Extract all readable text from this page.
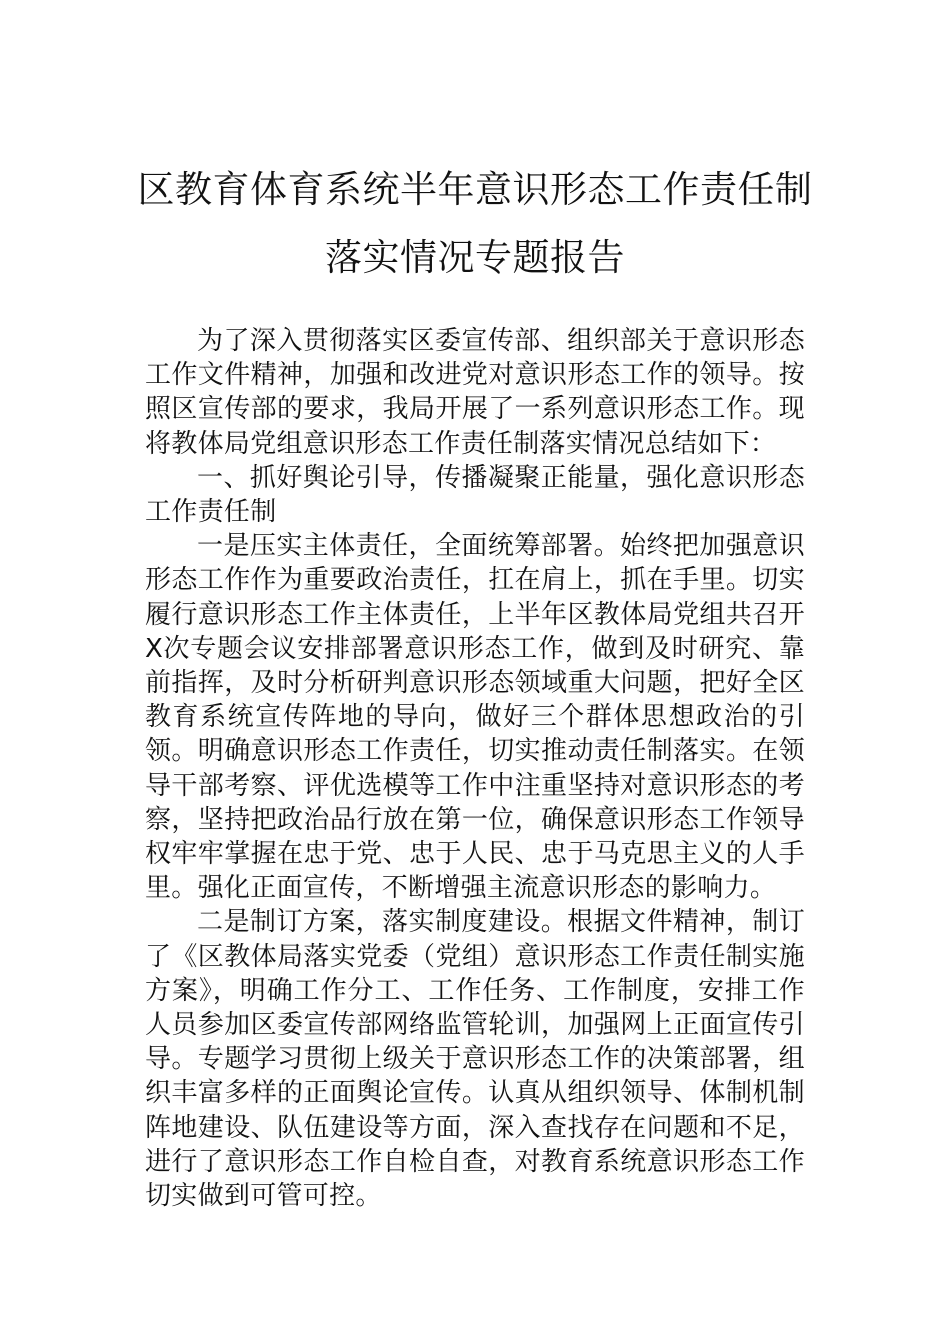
区教育体育系统半年意识形态工作责任制
落实情况专题报告

为了深入贯彻落实区委宣传部、组织部关于意识形态工作文件精神，加强和改进党对意识形态工作的领导。按照区宣传部的要求，我局开展了一系列意识形态工作。现将教体局党组意识形态工作责任制落实情况总结如下：

一、抓好舆论引导，传播凝聚正能量，强化意识形态工作责任制

一是压实主体责任，全面统筹部署。始终把加强意识形态工作作为重要政治责任，扛在肩上，抓在手里。切实履行意识形态工作主体责任，上半年区教体局党组共召开X次专题会议安排部署意识形态工作，做到及时研究、靠前指挥，及时分析研判意识形态领域重大问题，把好全区教育系统宣传阵地的导向，做好三个群体思想政治的引领。明确意识形态工作责任，切实推动责任制落实。在领导干部考察、评优选模等工作中注重坚持对意识形态的考察，坚持把政治品行放在第一位，确保意识形态工作领导权牢牢掌握在忠于党、忠于人民、忠于马克思主义的人手里。强化正面宣传，不断增强主流意识形态的影响力。

二是制订方案，落实制度建设。根据文件精神，制订了《区教体局落实党委（党组）意识形态工作责任制实施方案》，明确工作分工、工作任务、工作制度，安排工作人员参加区委宣传部网络监管轮训，加强网上正面宣传引导。专题学习贯彻上级关于意识形态工作的决策部署，组织丰富多样的正面舆论宣传。认真从组织领导、体制机制阵地建设、队伍建设等方面，深入查找存在问题和不足，进行了意识形态工作自检自查，对教育系统意识形态工作切实做到可管可控。
